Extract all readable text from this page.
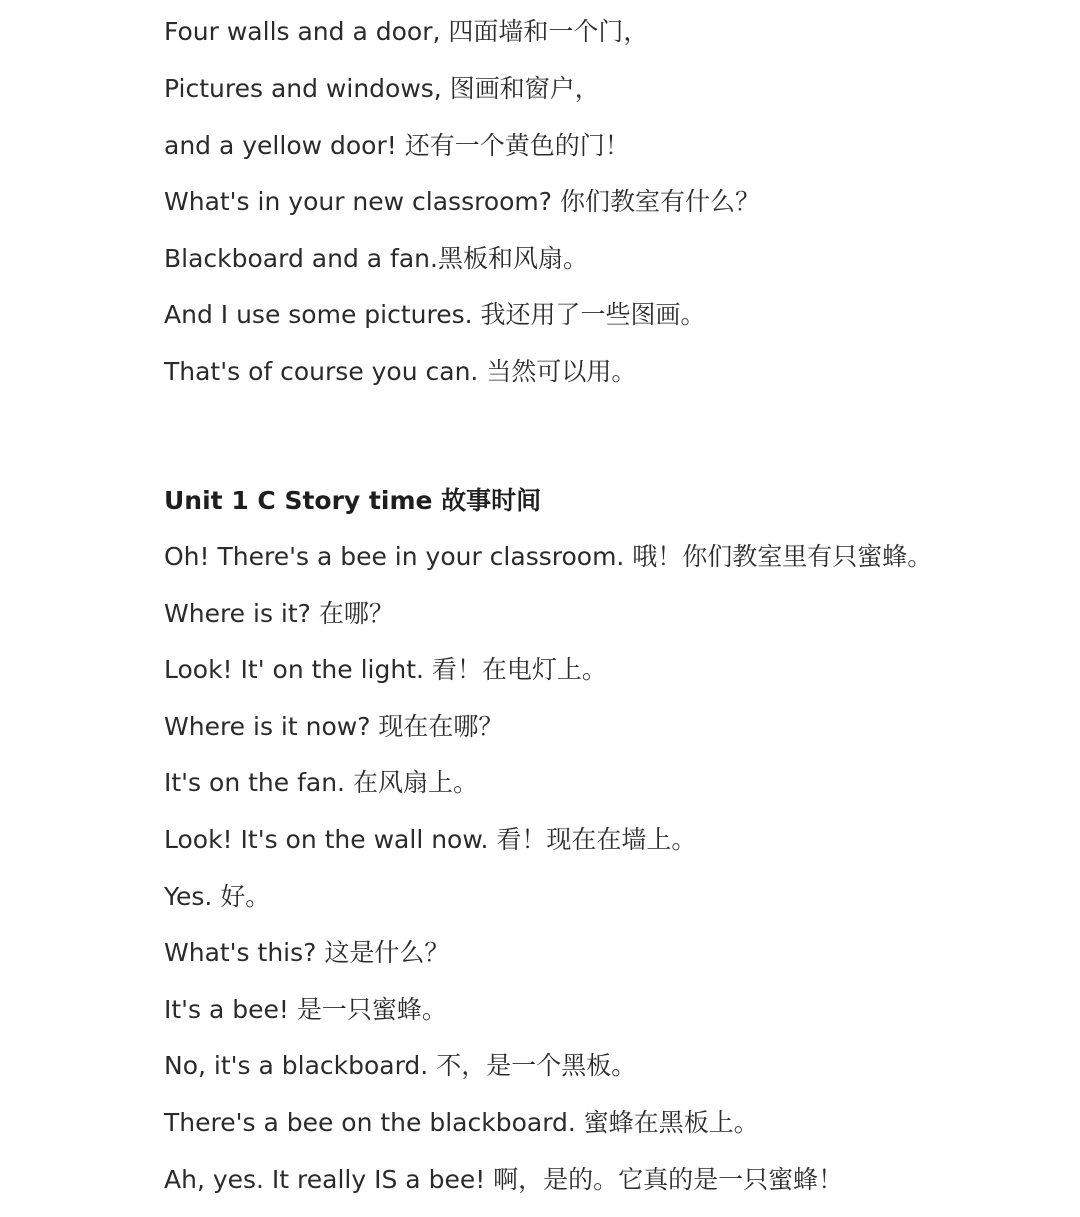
Four walls and a door, 四面墙和一个门，
Pictures and windows, 图画和窗户，
and a yellow door! 还有一个黄色的门！
What's in your new classroom? 你们教室有什么？
Blackboard and a fan.黑板和风扇。
And I use some pictures. 我还用了一些图画。
That's of course you can. 当然可以用。
Unit 1 C Story time 故事时间
Oh! There's a bee in your classroom. 哦！你们教室里有只蜜蜂。
Where is it? 在哪？
Look! It' on the light. 看！在电灯上。
Where is it now? 现在在哪？
It's on the fan. 在风扇上。
Look! It's on the wall now. 看！现在在墙上。
Yes. 好。
What's this? 这是什么？
It's a bee! 是一只蜜蜂。
No, it's a blackboard. 不，是一个黑板。
There's a bee on the blackboard. 蜜蜂在黑板上。
Ah, yes. It really IS a bee! 啊，是的。它真的是一只蜜蜂！
